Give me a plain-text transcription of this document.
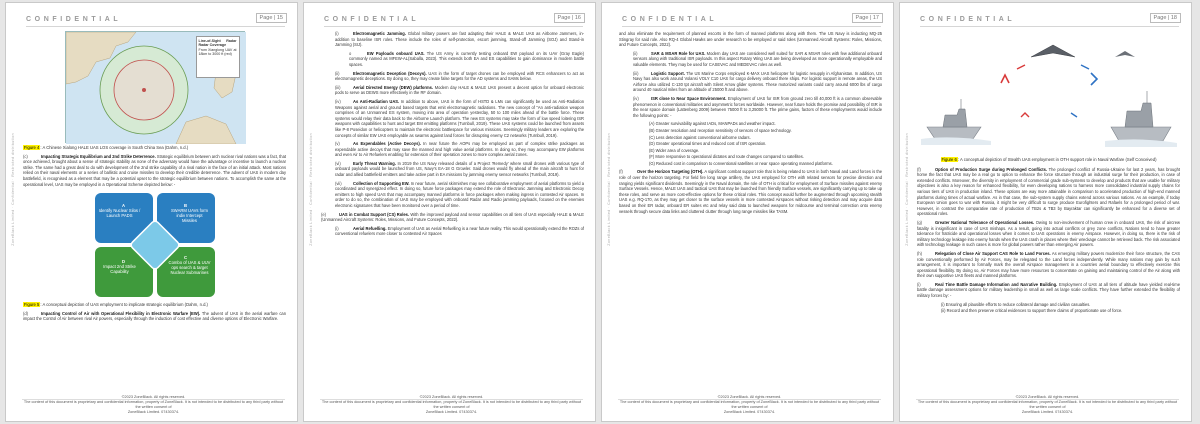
CONFIDENTIAL	Page | 15
ZoneBlack Limited · Confidential · Restricted distribution
Line-of-Sight Radar Radar Coverage
From Xianglong UAV at 18km to 3000 ft (red)
Figure 4: A Chinese Xialong HALE UAS LOS coverage in South China Sea (Dahm, n.d.)
(c)	Impacting Strategic Equilibrium and 2nd Strike Deterrence. Strategic equilibrium between arch nuclear rival nations was a fact, that once achieved, brought about a sense of strategic stability as none of the adversary would have the advantage or incentive to launch a nuclear strike. The same had a great deal to do with development of the 2nd strike capability of a rival nation in the face of an initial attack. Most nations relied on their naval elements or a series of ballistic and cruise missiles to develop their credible deterrence. The advent of UAS in modern day battlefield, is recognised as a element that may be a potential upset to the strategic equilibrium between nations. To accomplish the same at the operational level, UAS may be employed in a Operational Scheme depicted below: -
A
Identify Nuclear Silos / Launch PADS
B
SWARM UAVs form indiv Intercept Missiles
D
Impact 2nd Strike Capability
C
Combo of UAS & UUV ops search & target Nuclear Submarines
Figure 5: A conceptual depiction of UAS employment to implicate strategic equilibrium (Dahm, n.d.)
(d)	Impacting Control of Air with Operational Flexibility in Electronic Warfare (EW). The advent of UAS in the aerial warfare can impact the Control of Air between rival Air powers, especially through the induction of cost effective and diverse options of Electronic Warfare.
©2023 ZoneBlack. All rights reserved.
The content of this document is proprietary and confidential information, property of ZoneBlack. It is not intended to be distributed to any third party without the written consent of
ZoneBlack Limited. 07430374.
CONFIDENTIAL	Page | 16
ZoneBlack Limited · Confidential · Restricted distribution
(i)	Electromagnetic Jamming. Global military powers are fast adapting their HALE & MALE UAS as Airborne Jammers, in-addition to baseline ISR roles. These include the roles of self-protection, escort jamming, Stand-off Jamming (SOJ) and Stand-in Jamming (SIJ).
o	EW Payloads onboard UAS. The US Army is currently testing onboard EW payload on its UAV (Gray Eagle) commonly named as MFEW-AL(Saballa, 2023). This extends both EA and ES capabilities to gain dominance in modern battle spaces.
(ii)	Electromagnetic Deception (Decoys). UAS in the form of target drones can be employed with RCS enhancers to act as electromagnetic deceptions. By doing so, they may create false targets for the AD systems and SAMs below.
(iii)	Aerial Directed Energy (DEW) platforms. Modern day HALE & MALE UAS present a decent option for onboard electronic pods to serve as DEWS more effectively in the RF domain.
(iv)	As Anti-Radiation UAS. In addition to above, UAS in the form of HSTD & LMs can significantly be used as Anti-Radiation Weapons against aerial and ground based targets that emit electromagnetic radiations. The new concept of "An anti-radiation weapon comprises of an Unmanned ES system, moving into area of operation yesterday, 50 to 100 miles ahead of the battle force. These systems would relay their data back to the Airborne Launch platform. The new ES systems may take the form of low speed loitering ISR weapons with capabilities to hunt and target EM emitting platforms (Turnbull, 2019). These UAS systems could be launched from assets like P-8 Poseidon or helicopters to maintain the electronic battlespace for various missions. Seemingly military leaders are exploring the concepts of similar EW UAS employable as swarms against land forces for disrupting enemy C2 networks (Turnbull, 2019).
(v)	As Expendables (Active Decoys). In near future the AOPs may be employed as part of complex strike packages as expendable active decoys that may save the manned and high value aerial platforms. In doing so, they may accompany EW platforms and even Air to Air Refuelers enabling for extension of their operation zones to more complex aerial zones.
(vi)	Early Threat Warning. In 2019 the US Navy released details of a Project 'Remedy' where small drones with various type of onboard payloads would be launched from US, Navy's EA-18 G Growler. Said drones would fly ahead of the main aircraft to hunt for radar and allied battlefield emitters and take active part in EA missions by jamming enemy sensor networks (Turnbull, 2019).
(vii)	Collection of Supporting EW. In near future, aerial skirmishes may see collaborative employment of aerial platforms to yield a coordinated and synergized effect. In doing so, future force packages may extend the role of Electronic Jamming and Electronic Decoy emitters to high speed UAS that may accompany manned platforms in force packages when making ingress in contested Air spaces. In order to do so, the combination of UAS may be employed with onboard Radar and Radio jamming payloads, focused on the enemies electronic signatures that have been monitored over a period of time.
(e)	UAS in Combat Support (CS) Roles. With the improved payload and sensor capabilities on all tiers of UAS especially HALE & MALE (Unmanned Aircraft Systems: Roles, Missions, and Future Concepts, 2022).
(i)	Aerial Refuelling. Employment of UAS as Aerial Refuelling is a near future reality. This would operationally extend the ROZs of conventional refuelers more closer to contested Air Spaces
©2023 ZoneBlack. All rights reserved.
The content of this document is proprietary and confidential information, property of ZoneBlack. It is not intended to be distributed to any third party without the written consent of
ZoneBlack Limited. 07430374.
CONFIDENTIAL	Page | 17
ZoneBlack Limited · Confidential · Restricted distribution
and also eliminate the requirement of planned escorts in the form of manned platforms along with them. The US Navy is inducting MQ-25 Stingray for said role. Also RQ-4 Global Hawks are under research to be employed or said roles (Unmanned Aircraft Systems: Roles, Missions, and Future Concepts, 2022).
(ii)	SAR & MSAR Role for UAS. Modern day UAS are considered well suited for SAR & MSAR roles with few additional onboard sensors along with traditional ISR payloads. In this aspect Rotary Wing UAS are being developed as more operationally employable and valuable elements. They may be used for CASEVAC and MEDEVAC roles as well.
(iii)	Logistic Support. The US Marine Corps employed K-MAX UAS helicopter for logistic resupply in Afghanistan. In addition, US Navy has also work around Volansi VOLY C10 UAS for cargo delivery onboard there ships. For logistic support in remote areas, the US Airforce also utilized C-130 tpt aircraft with Silent Arrow glider systems. These motorized variants could carry around 6000 lbs of cargo around 40 nautical miles from an altitude of 25000 ft and above.
(iv)	ISR close to Near Space Environment. Employment of UAS for ISR from ground zero till 40,000 ft is a common observable phenomenon in conventional militaries and asymmetric forces worldwide. However, near future holds the promise and possibility of ISR in the near space domain (Lattenberg 2009) between 75000 ft to 3,25000 ft. The prime gains, factors of these employments would include the following points: -
(A) Greater survivability against IADs, MANPADs and weather impact.
(B) Greater resolution and reception sensitivity of sensors of space technology.
(C) Less detection against conventional airborne radars.
(D) Greater operational times and reduced cost of ISR operation.
(E) Wider area of coverage.
(F) More responsive to operational dictates and route changes compared to satellites.
(G) Reduced cost in comparison to conventional satellites or near space operating manned platforms.
(f)	Over the Horizon Targeting (OTH). A significant combat support role that is being related to UAS in both Naval and Land forces is the role of over the horizon targeting. For field fire long range artillery, the UAS employed for OTH with related sensors for precise direction and ranging yields significant dividends. Seemingly in the Naval domain, the role of OTH is critical for employment of Surface missiles against enemy Surface Vessels. Hence, MALE UAS and tactical UAS that may be launched from friendly Surface vessels, are significantly carrying up to take up these roles, and serve as more cost-effective options for these critical roles. This concept would further be augmented through upcoming stealth UAS e.g. RQ-170, as they may get closer to the surface vessels in more contested Airspaces without risking detection and may acquire data based on their ER radar, onboard ER suites etc and relay said data to launched weapons for midcourse and terminal correction onto enemy vessels through secure data links and cluttered clutter through long range missiles like TASM.
©2023 ZoneBlack. All rights reserved.
The content of this document is proprietary and confidential information, property of ZoneBlack. It is not intended to be distributed to any third party without the written consent of
ZoneBlack Limited. 07430374.
CONFIDENTIAL	Page | 18
ZoneBlack Limited · Confidential · Restricted distribution	Figure 6: A conceptual depiction of Stealth UAS employment in OTH support role in Naval Warfare (Self Conceived)
(f)	Option of Production Surge during Prolonged Conflicts. The prolonged conflict of Russia-Ukraine for last 2 years, has brought home the fact that UAS may be a real go to option to enhance the force structure through an industrial surge for their production, in case of extended conflicts. Moreover, the diversity in employment of commercial grade sub-systems to develop and products that are usable for military objectives is also a key reason for enhanced flexibility, for even developing nations to harness more consolidated industrial supply chains for various tiers of UAS in production inland. These options are way more attainable in comparison to accelerated production of high-end manned platforms during times of actual warfare. As in that case, the sub-system supply chains extend across various nations. As an example, if today European Union goes to war with Russia, it might be very difficult to surge produce Eurofighters and Rafaels for a prolonged period of war. However, in contrast the comparative rate of production of TB2s & TB3 by Bayraktar can significantly be enhanced for a diverse set of operational roles.
(g)	Greater National Tolerance of Operational Losses. Owing to non-involvement of human crew in onboard UAS, the risk of aircrew fatality is insignificant in case of UAS mishaps. As a result, going into actual conflicts or grey zone conflicts, Nations tend to have greater tolerance for fratricide and operational losses when it comes to UAS operations in enemy Airspace. However, in doing so, there is the risk of military technology leakage into enemy hands when the UAS crash in places where their wreckage cannot be retrieved back. The risk associated with technology leakage in such cases is more for global powers rather than emerging Air powers.
(h)	Relegation of Close Air Support CAS Role to Land Forces. As emerging military powers modernize their force structure, the CAS role conventionally performed by Air Forces, may be relegated to the Land forces independently. While many nations may gain by such arrangement, it is important to formally mark the overall Airspace management in a countries aerial boundary to effectively exercise this operational flexibility. By doing so, Air Forces may have more resources to concentrate on gaining and maintaining control of the Air along with their own supportive UAS fleets and manned platforms.
(i)	Real Time Battle Damage Information and Narrative Building. Employment of UAS at all tiers of altitude have yielded real-time battle damage assessment options for military leadership in small as well as large scale conflicts. They have further extended the flexibility of military forces by: -
(i) Ensuring all plausible efforts to reduce collateral damage and civilian casualties.
(ii) Record and then preserve critical evidences to support there claims of proportionate use of force.
©2023 ZoneBlack. All rights reserved.
The content of this document is proprietary and confidential information, property of ZoneBlack. It is not intended to be distributed to any third party without the written consent of
ZoneBlack Limited. 07430374.
